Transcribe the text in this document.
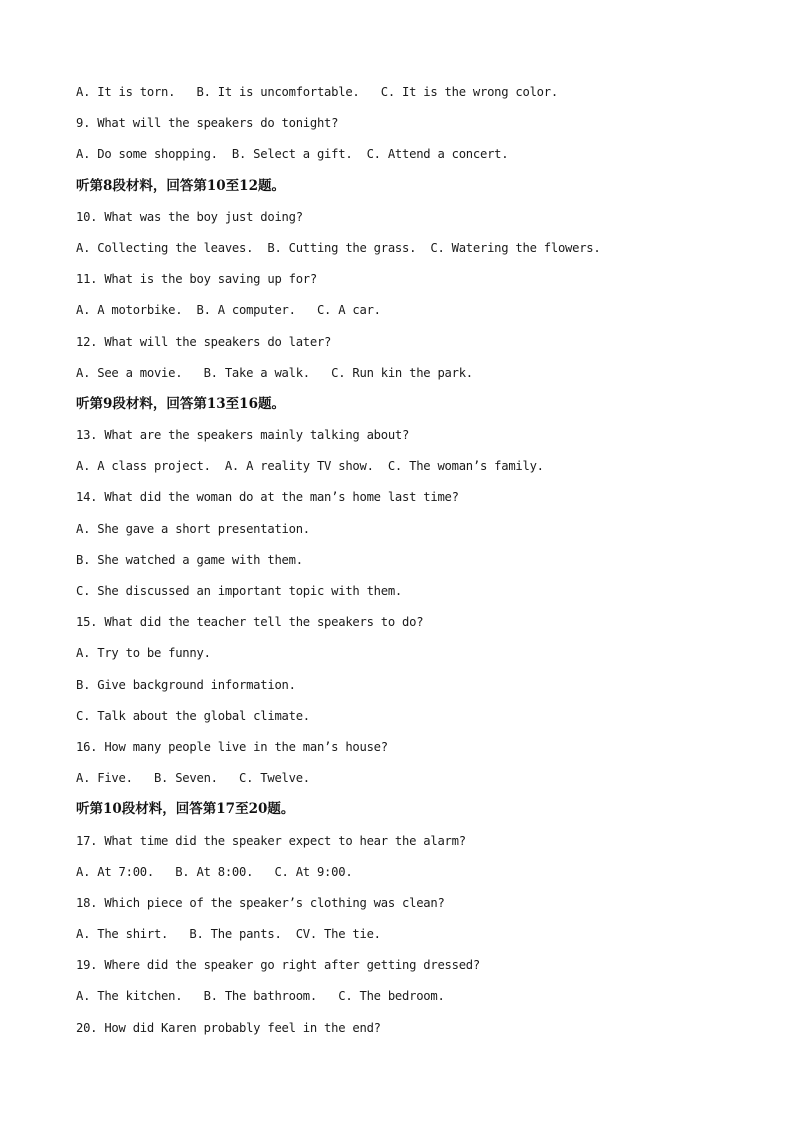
A. It is torn.   B. It is uncomfortable.   C. It is the wrong color.
9. What will the speakers do tonight?
A. Do some shopping.  B. Select a gift.  C. Attend a concert.
听第8段材料，回答第10至12题。
10. What was the boy just doing?
A. Collecting the leaves.  B. Cutting the grass.  C. Watering the flowers.
11. What is the boy saving up for?
A. A motorbike.  B. A computer.   C. A car.
12. What will the speakers do later?
A. See a movie.   B. Take a walk.   C. Run kin the park.
听第9段材料，回答第13至16题。
13. What are the speakers mainly talking about?
A. A class project.  A. A reality TV show.  C. The woman’s family.
14. What did the woman do at the man’s home last time?
A. She gave a short presentation.
B. She watched a game with them.
C. She discussed an important topic with them.
15. What did the teacher tell the speakers to do?
A. Try to be funny.
B. Give background information.
C. Talk about the global climate.
16. How many people live in the man’s house?
A. Five.   B. Seven.   C. Twelve.
听第10段材料，回答第17至20题。
17. What time did the speaker expect to hear the alarm?
A. At 7:00.   B. At 8:00.   C. At 9:00.
18. Which piece of the speaker’s clothing was clean?
A. The shirt.   B. The pants.  CV. The tie.
19. Where did the speaker go right after getting dressed?
A. The kitchen.   B. The bathroom.   C. The bedroom.
20. How did Karen probably feel in the end?
